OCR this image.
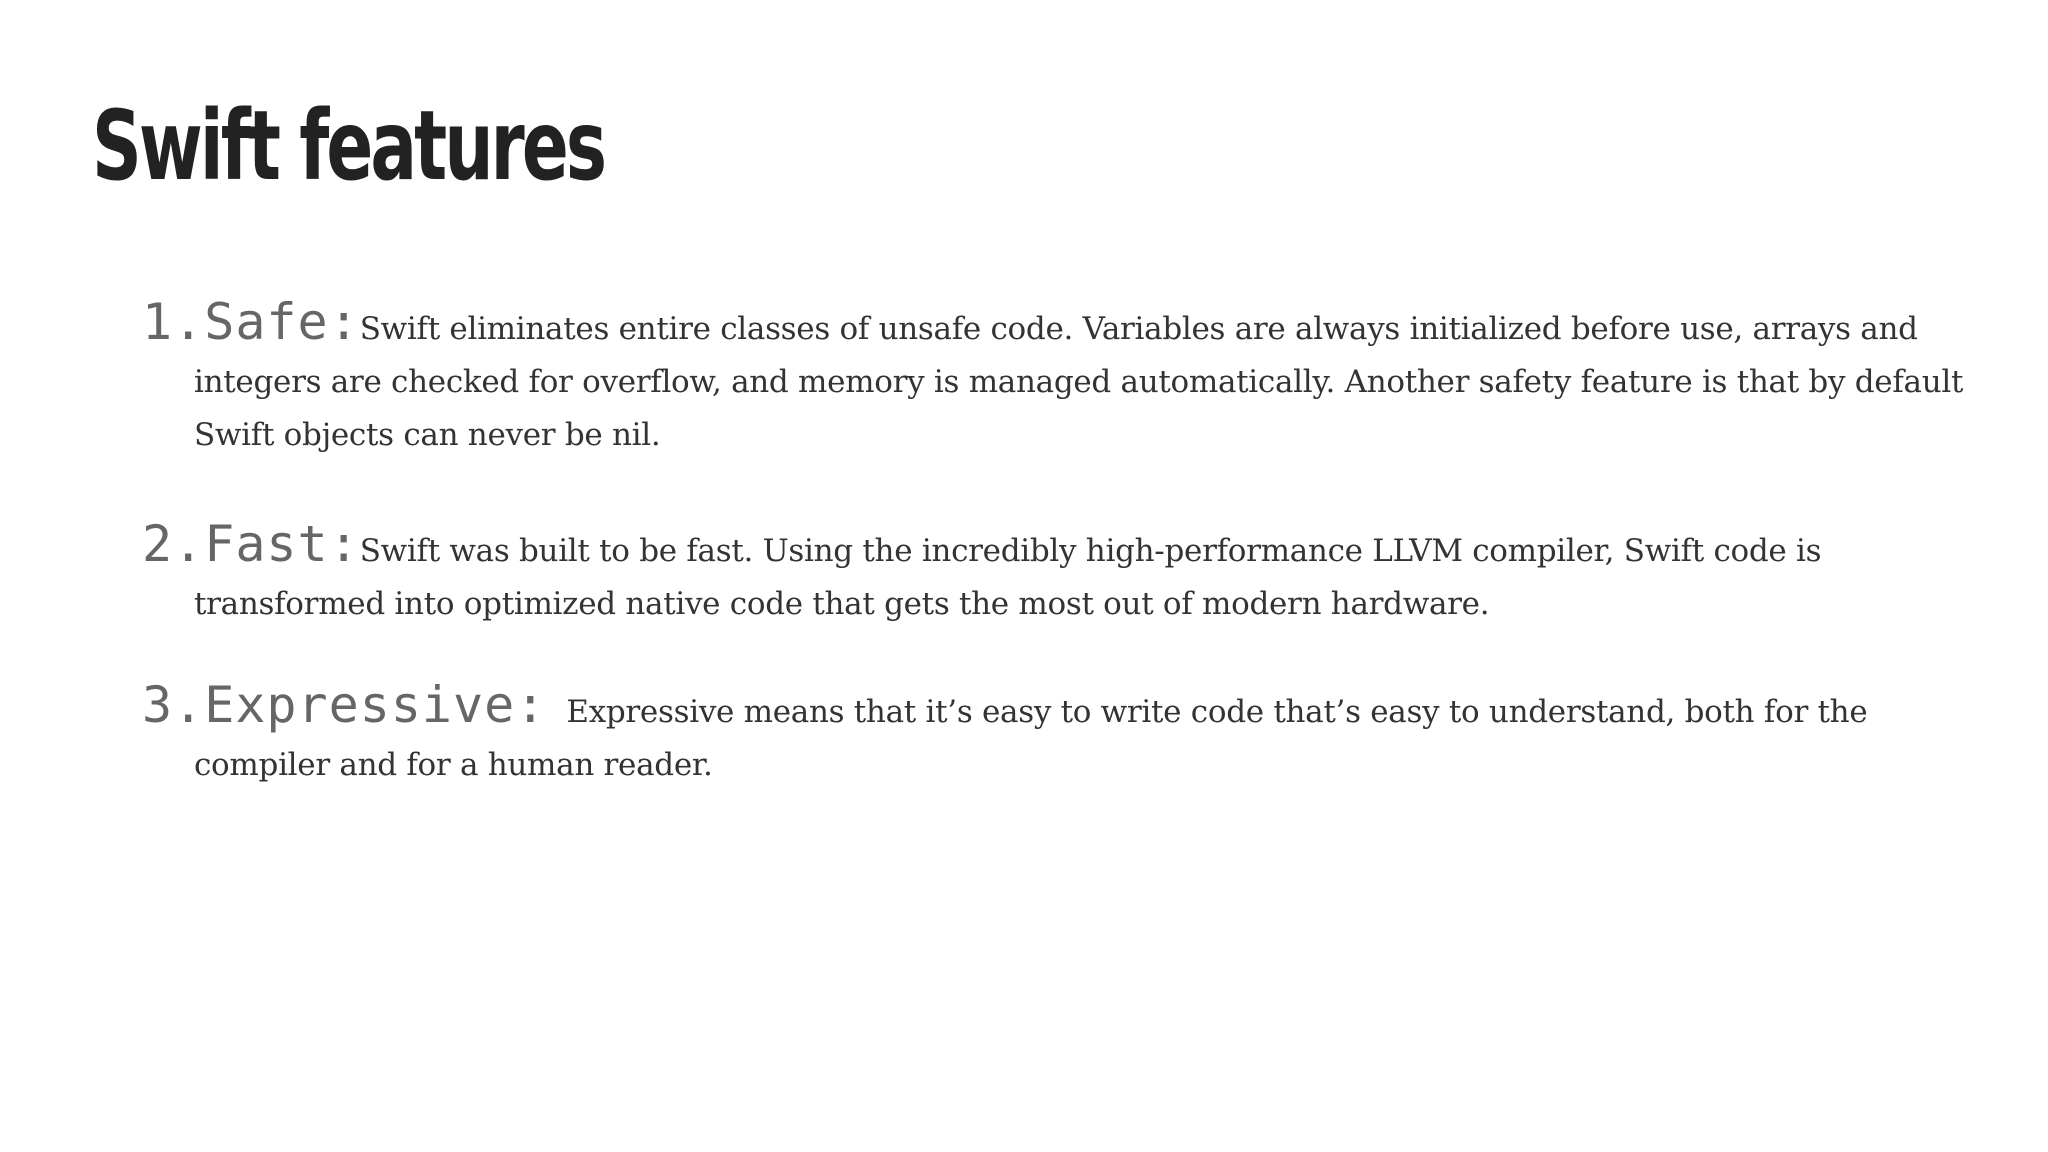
Swift features
1.Safe:Swift eliminates entire classes of unsafe code. Variables are always initialized before use, arrays and integers are checked for overflow, and memory is managed automatically. Another safety feature is that by default Swift objects can never be nil.
2.Fast:Swift was built to be fast. Using the incredibly high-performance LLVM compiler, Swift code is transformed into optimized native code that gets the most out of modern hardware.
3.Expressive: Expressive means that it’s easy to write code that’s easy to understand, both for the compiler and for a human reader.
